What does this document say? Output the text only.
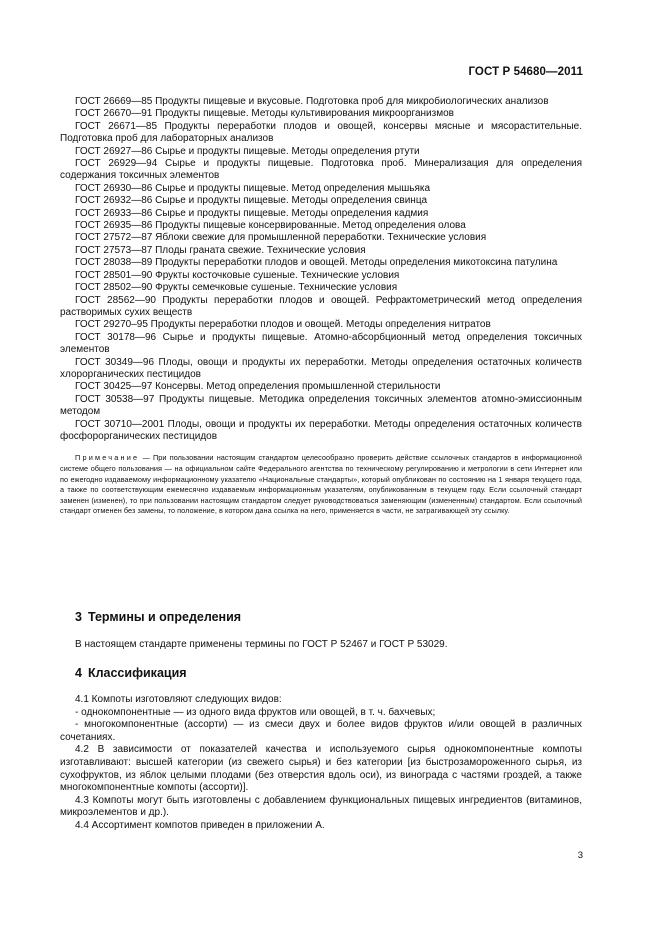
ГОСТ Р 54680—2011

ГОСТ 26669—85 Продукты пищевые и вкусовые. Подготовка проб для микробиологических анализов

ГОСТ 26670—91 Продукты пищевые. Методы культивирования микроорганизмов

ГОСТ 26671—85 Продукты переработки плодов и овощей, консервы мясные и мясорастительные. Подготовка проб для лабораторных анализов

ГОСТ 26927—86 Сырье и продукты пищевые. Методы определения ртути

ГОСТ 26929—94 Сырье и продукты пищевые. Подготовка проб. Минерализация для определения содержания токсичных элементов

ГОСТ 26930—86 Сырье и продукты пищевые. Метод определения мышьяка

ГОСТ 26932—86 Сырье и продукты пищевые. Методы определения свинца

ГОСТ 26933—86 Сырье и продукты пищевые. Методы определения кадмия

ГОСТ 26935—86 Продукты пищевые консервированные. Метод определения олова

ГОСТ 27572—87 Яблоки свежие для промышленной переработки. Технические условия

ГОСТ 27573—87 Плоды граната свежие. Технические условия

ГОСТ 28038—89 Продукты переработки плодов и овощей. Методы определения микотоксина патулина

ГОСТ 28501—90 Фрукты косточковые сушеные. Технические условия

ГОСТ 28502—90 Фрукты семечковые сушеные. Технические условия

ГОСТ 28562—90 Продукты переработки плодов и овощей. Рефрактометрический метод определения растворимых сухих веществ

ГОСТ 29270–95 Продукты переработки плодов и овощей. Методы определения нитратов

ГОСТ 30178—96 Сырье и продукты пищевые. Атомно-абсорбционный метод определения токсичных элементов

ГОСТ 30349—96 Плоды, овощи и продукты их переработки. Методы определения остаточных количеств хлорорганических пестицидов

ГОСТ 30425—97 Консервы. Метод определения промышленной стерильности

ГОСТ 30538—97 Продукты пищевые. Методика определения токсичных элементов атомно-эмиссионным методом

ГОСТ 30710—2001 Плоды, овощи и продукты их переработки. Методы определения остаточных количеств фосфорорганических пестицидов

Примечание — При пользовании настоящим стандартом целесообразно проверить действие ссылочных стандартов в информационной системе общего пользования — на официальном сайте Федерального агентства по техническому регулированию и метрологии в сети Интернет или по ежегодно издаваемому информационному указателю «Национальные стандарты», который опубликован по состоянию на 1 января текущего года, а также по соответствующим ежемесячно издаваемым информационным указателям, опубликованным в текущем году. Если ссылочный стандарт заменен (изменен), то при пользовании настоящим стандартом следует руководствоваться заменяющим (измененным) стандартом. Если ссылочный стандарт отменен без замены, то положение, в котором дана ссылка на него, применяется в части, не затрагивающей эту ссылку.

3 Термины и определения

В настоящем стандарте применены термины по ГОСТ Р 52467 и ГОСТ Р 53029.

4 Классификация

4.1 Компоты изготовляют следующих видов:

- однокомпонентные — из одного вида фруктов или овощей, в т. ч. бахчевых;

- многокомпонентные (ассорти) — из смеси двух и более видов фруктов и/или овощей в различных сочетаниях.

4.2 В зависимости от показателей качества и используемого сырья однокомпонентные компоты изготавливают: высшей категории (из свежего сырья) и без категории [из быстрозамороженного сырья, из сухофруктов, из яблок целыми плодами (без отверстия вдоль оси), из винограда с частями гроздей, а также многокомпонентные компоты (ассорти)].

4.3 Компоты могут быть изготовлены с добавлением функциональных пищевых ингредиентов (витаминов, микроэлементов и др.).

4.4 Ассортимент компотов приведен в приложении А.

3
